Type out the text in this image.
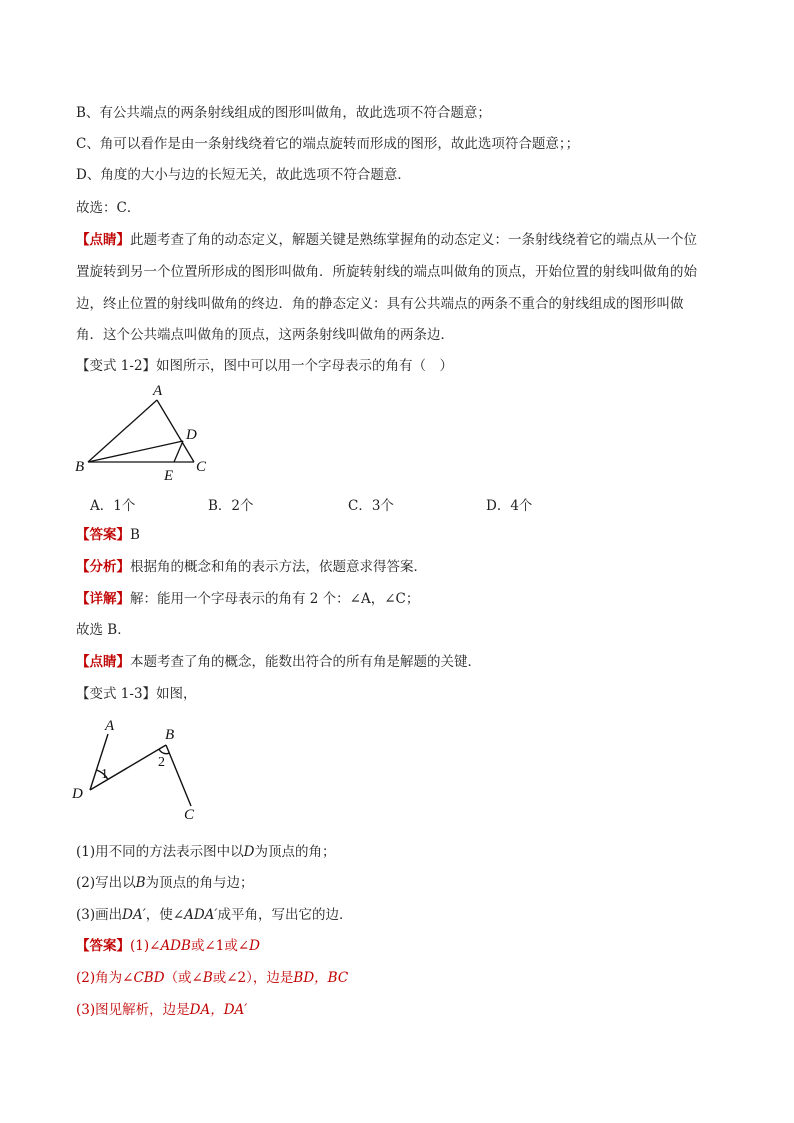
B、有公共端点的两条射线组成的图形叫做角，故此选项不符合题意；
C、角可以看作是由一条射线绕着它的端点旋转而形成的图形，故此选项符合题意；；
D、角度的大小与边的长短无关，故此选项不符合题意．
故选：C．
【点睛】此题考查了角的动态定义，解题关键是熟练掌握角的动态定义：一条射线绕着它的端点从一个位
置旋转到另一个位置所形成的图形叫做角．所旋转射线的端点叫做角的顶点，开始位置的射线叫做角的始
边，终止位置的射线叫做角的终边．角的静态定义：具有公共端点的两条不重合的射线组成的图形叫做
角．这个公共端点叫做角的顶点，这两条射线叫做角的两条边．
【变式 1-2】如图所示，图中可以用一个字母表示的角有（　）
A
B	C
D
E
A．1个	B．2个	C．3个	D．4个
【答案】B
【分析】根据角的概念和角的表示方法，依题意求得答案．
【详解】解：能用一个字母表示的角有 2 个：∠A，∠C；
故选 B．
【点睛】本题考查了角的概念，能数出符合的所有角是解题的关键．
【变式 1-3】如图，
A
B
C
D
1
2
(1)用不同的方法表示图中以D为顶点的角；
(2)写出以B为顶点的角与边；
(3)画出DA′，使∠ADA′成平角，写出它的边．
【答案】(1)∠ADB或∠1或∠D
(2)角为∠CBD（或∠B或∠2），边是BD，BC
(3)图见解析，边是DA，DA′
